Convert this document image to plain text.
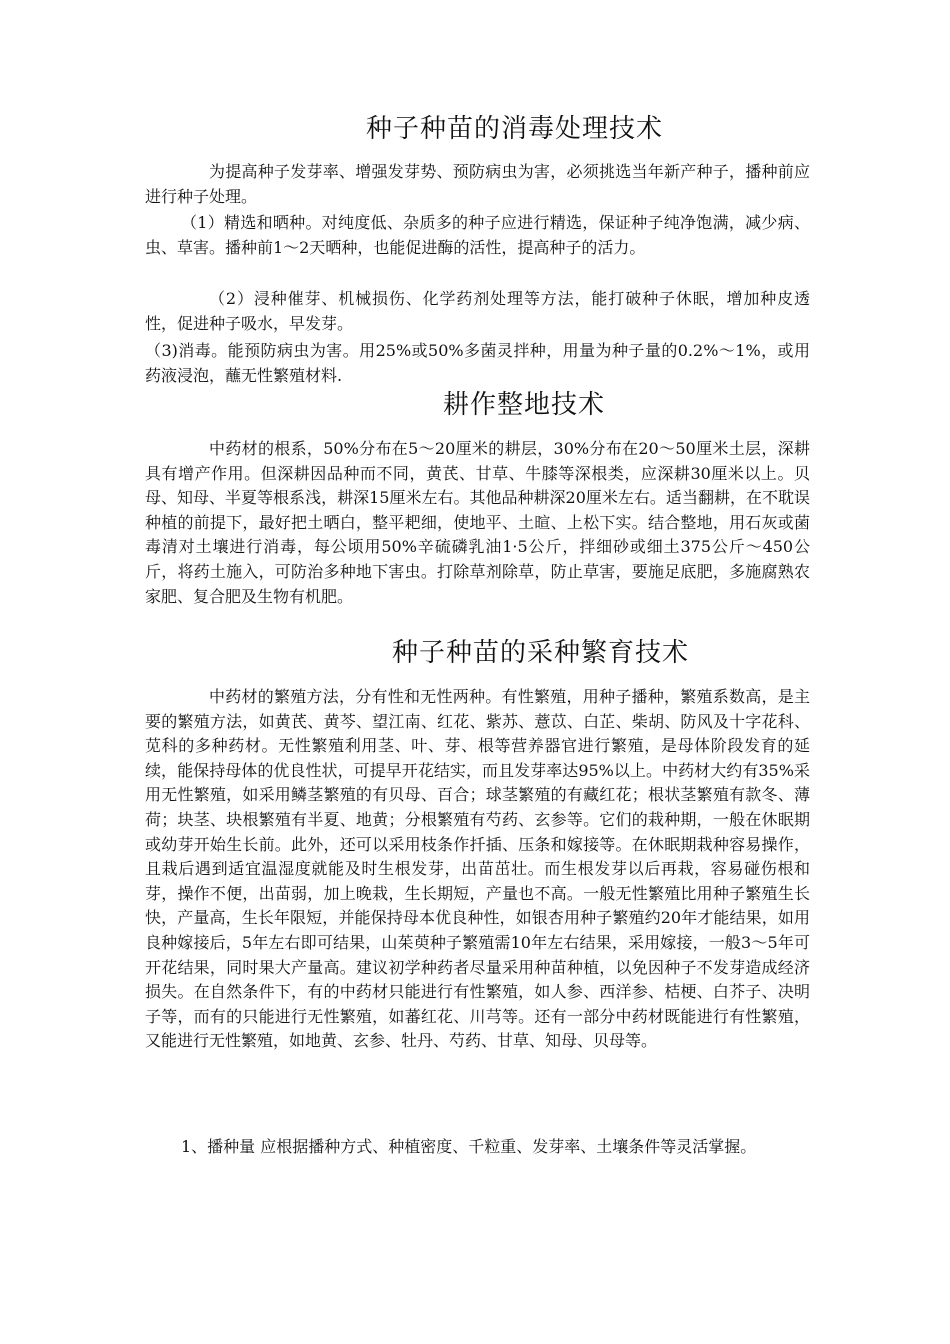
种子种苗的消毒处理技术

为提高种子发芽率、增强发芽势、预防病虫为害，必须挑选当年新产种子，播种前应进行种子处理。

（1）精选和晒种。对纯度低、杂质多的种子应进行精选，保证种子纯净饱满，减少病、虫、草害。播种前1～2天晒种，也能促进酶的活性，提高种子的活力。

（2）浸种催芽、机械损伤、化学药剂处理等方法，能打破种子休眠，增加种皮透性，促进种子吸水，早发芽。

（3)消毒。能预防病虫为害。用25%或50%多菌灵拌种，用量为种子量的0.2%～1%，或用药液浸泡，蘸无性繁殖材料.

耕作整地技术

中药材的根系，50%分布在5～20厘米的耕层，30%分布在20～50厘米土层，深耕具有增产作用。但深耕因品种而不同，黄芪、甘草、牛膝等深根类，应深耕30厘米以上。贝母、知母、半夏等根系浅，耕深15厘米左右。其他品种耕深20厘米左右。适当翻耕，在不耽误种植的前提下，最好把土晒白，整平耙细，使地平、土暄、上松下实。结合整地，用石灰或菌毒清对土壤进行消毒，每公顷用50%辛硫磷乳油1·5公斤，拌细砂或细土375公斤～450公斤，将药土施入，可防治多种地下害虫。打除草剂除草，防止草害，要施足底肥，多施腐熟农家肥、复合肥及生物有机肥。

种子种苗的采种繁育技术

中药材的繁殖方法，分有性和无性两种。有性繁殖，用种子播种，繁殖系数高，是主要的繁殖方法，如黄芪、黄芩、望江南、红花、紫苏、薏苡、白芷、柴胡、防风及十字花科、苋科的多种药材。无性繁殖利用茎、叶、芽、根等营养器官进行繁殖，是母体阶段发育的延续，能保持母体的优良性状，可提早开花结实，而且发芽率达95%以上。中药材大约有35%采用无性繁殖，如采用鳞茎繁殖的有贝母、百合；球茎繁殖的有藏红花；根状茎繁殖有款冬、薄荷；块茎、块根繁殖有半夏、地黄；分根繁殖有芍药、玄参等。它们的栽种期，一般在休眠期或幼芽开始生长前。此外，还可以采用枝条作扦插、压条和嫁接等。在休眠期栽种容易操作，且栽后遇到适宜温湿度就能及时生根发芽，出苗茁壮。而生根发芽以后再栽，容易碰伤根和芽，操作不便，出苗弱，加上晚栽，生长期短，产量也不高。一般无性繁殖比用种子繁殖生长快，产量高，生长年限短，并能保持母本优良种性，如银杏用种子繁殖约20年才能结果，如用良种嫁接后，5年左右即可结果，山茱萸种子繁殖需10年左右结果，采用嫁接，一般3～5年可开花结果，同时果大产量高。建议初学种药者尽量采用种苗种植，以免因种子不发芽造成经济损失。在自然条件下，有的中药材只能进行有性繁殖，如人参、西洋参、桔梗、白芥子、决明子等，而有的只能进行无性繁殖，如蕃红花、川芎等。还有一部分中药材既能进行有性繁殖，又能进行无性繁殖，如地黄、玄参、牡丹、芍药、甘草、知母、贝母等。

1、播种量 应根据播种方式、种植密度、千粒重、发芽率、土壤条件等灵活掌握。
